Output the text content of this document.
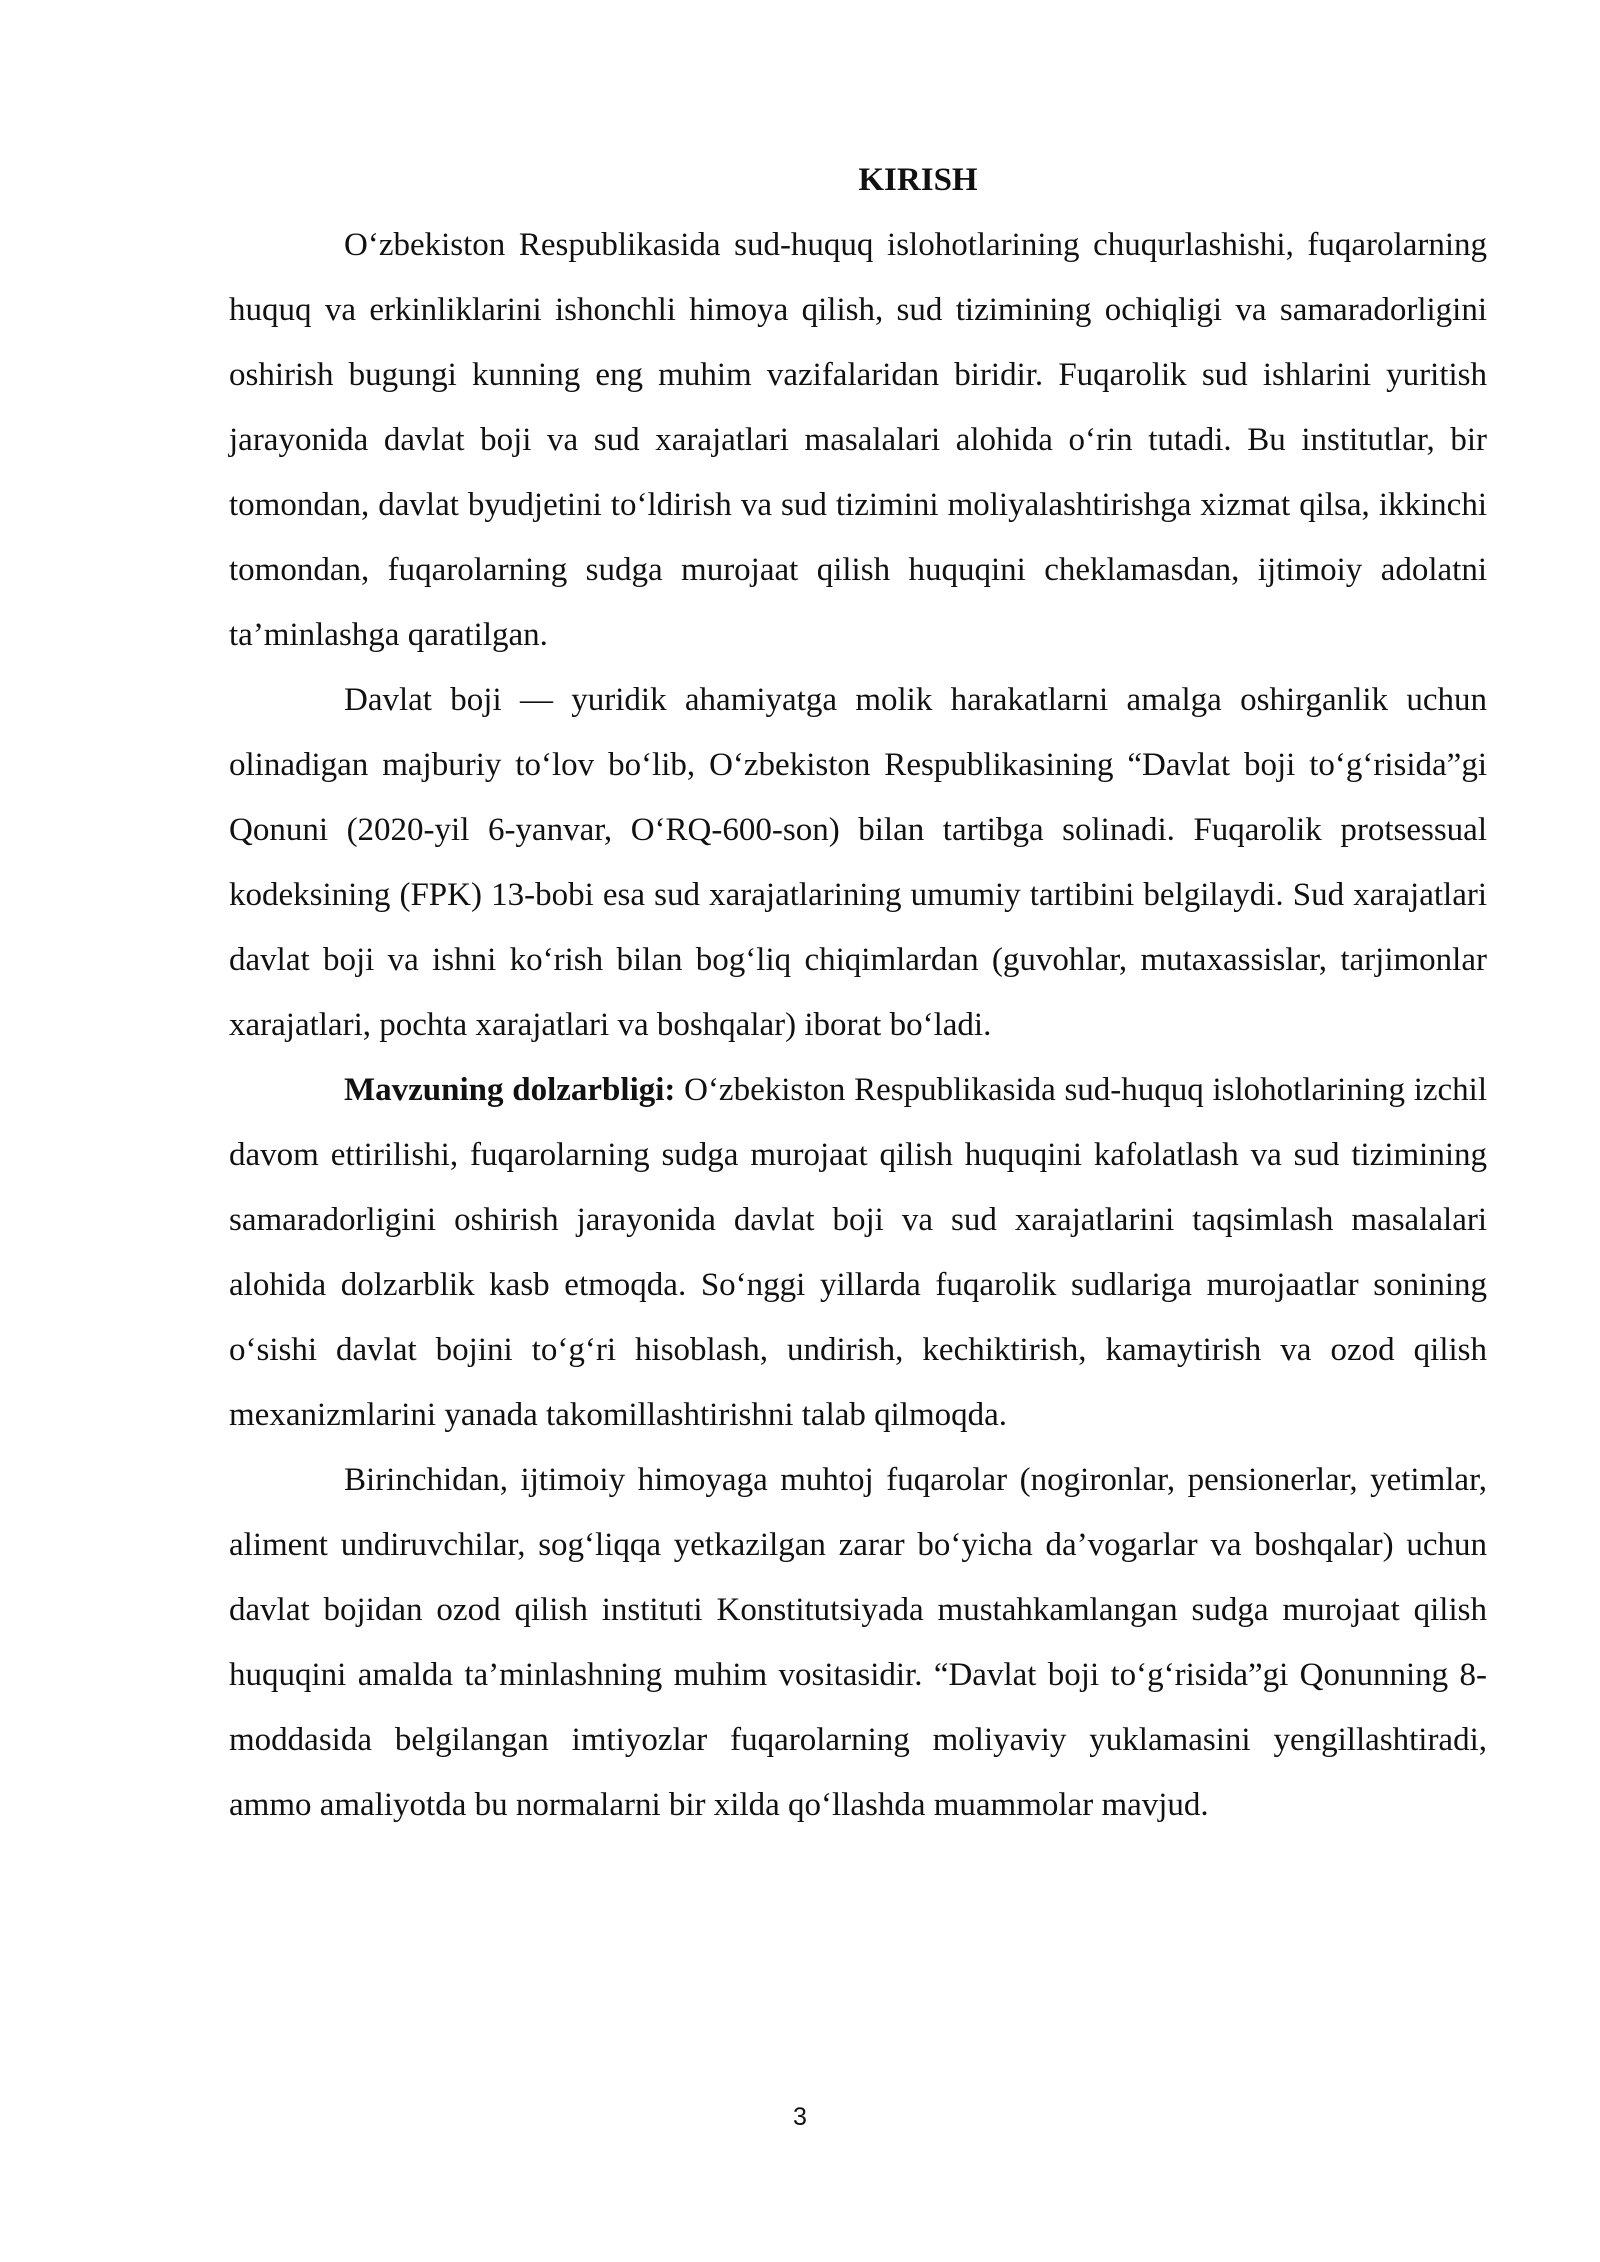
KIRISH

O‘zbekiston Respublikasida sud-huquq islohotlarining chuqurlashishi, fuqarolarning huquq va erkinliklarini ishonchli himoya qilish, sud tizimining ochiqligi va samaradorligini oshirish bugungi kunning eng muhim vazifalaridan biridir. Fuqarolik sud ishlarini yuritish jarayonida davlat boji va sud xarajatlari masalalari alohida o‘rin tutadi. Bu institutlar, bir tomondan, davlat byudjetini to‘ldirish va sud tizimini moliyalashtirishga xizmat qilsa, ikkinchi tomondan, fuqarolarning sudga murojaat qilish huquqini cheklamasdan, ijtimoiy adolatni ta’minlashga qaratilgan.

Davlat boji — yuridik ahamiyatga molik harakatlarni amalga oshirganlik uchun olinadigan majburiy to‘lov bo‘lib, O‘zbekiston Respublikasining “Davlat boji to‘g‘risida”gi Qonuni (2020-yil 6-yanvar, O‘RQ-600-son) bilan tartibga solinadi. Fuqarolik protsessual kodeksining (FPK) 13-bobi esa sud xarajatlarining umumiy tartibini belgilaydi. Sud xarajatlari davlat boji va ishni ko‘rish bilan bog‘liq chiqimlardan (guvohlar, mutaxassislar, tarjimonlar xarajatlari, pochta xarajatlari va boshqalar) iborat bo‘ladi.

Mavzuning dolzarbligi: O‘zbekiston Respublikasida sud-huquq islohotlarining izchil davom ettirilishi, fuqarolarning sudga murojaat qilish huquqini kafolatlash va sud tizimining samaradorligini oshirish jarayonida davlat boji va sud xarajatlarini taqsimlash masalalari alohida dolzarblik kasb etmoqda. So‘nggi yillarda fuqarolik sudlariga murojaatlar sonining o‘sishi davlat bojini to‘g‘ri hisoblash, undirish, kechiktirish, kamaytirish va ozod qilish mexanizmlarini yanada takomillashtirishni talab qilmoqda.

Birinchidan, ijtimoiy himoyaga muhtoj fuqarolar (nogironlar, pensionerlar, yetimlar, aliment undiruvchilar, sog‘liqqa yetkazilgan zarar bo‘yicha da’vogarlar va boshqalar) uchun davlat bojidan ozod qilish instituti Konstitutsiyada mustahkamlangan sudga murojaat qilish huquqini amalda ta’minlashning muhim vositasidir. “Davlat boji to‘g‘risida”gi Qonunning 8-moddasida belgilangan imtiyozlar fuqarolarning moliyaviy yuklamasini yengillashtiradi, ammo amaliyotda bu normalarni bir xilda qo‘llashda muammolar mavjud.

3
